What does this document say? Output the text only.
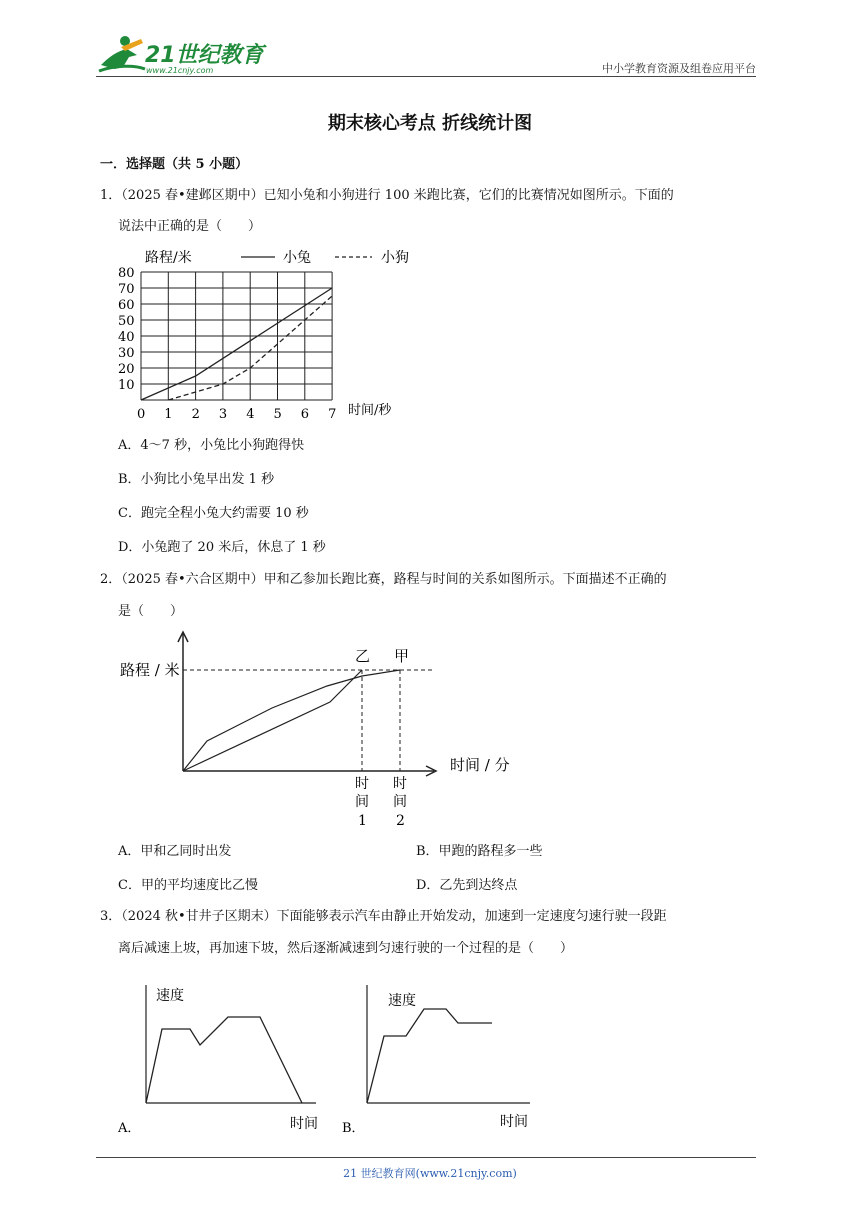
21世纪教育
www.21cnjy.com	中小学教育资源及组卷应用平台
期末核心考点 折线统计图
一．选择题（共 5 小题）
1．（2025 春•建邺区期中）已知小兔和小狗进行 100 米跑比赛，它们的比赛情况如图所示。下面的
说法中正确的是（　　）
路程/米	小兔	小狗
80
70
60
50
40
30
20
10
0 1 2 3 4 5 6 7 时间/秒
A．4～7 秒，小兔比小狗跑得快
B．小狗比小兔早出发 1 秒
C．跑完全程小兔大约需要 10 秒
D．小兔跑了 20 米后，休息了 1 秒
2．（2025 春•六合区期中）甲和乙参加长跑比赛，路程与时间的关系如图所示。下面描述不正确的
是（　　）
路程 / 米
乙 甲
时间 / 分
时
间
1
时
间
2
A．甲和乙同时出发	B．甲跑的路程多一些
C．甲的平均速度比乙慢	D．乙先到达终点
3．（2024 秋•甘井子区期末）下面能够表示汽车由静止开始发动，加速到一定速度匀速行驶一段距
离后减速上坡，再加速下坡，然后逐渐减速到匀速行驶的一个过程的是（　　）
速度
时间
A．
速度
时间
B．
21 世纪教育网(www.21cnjy.com)
